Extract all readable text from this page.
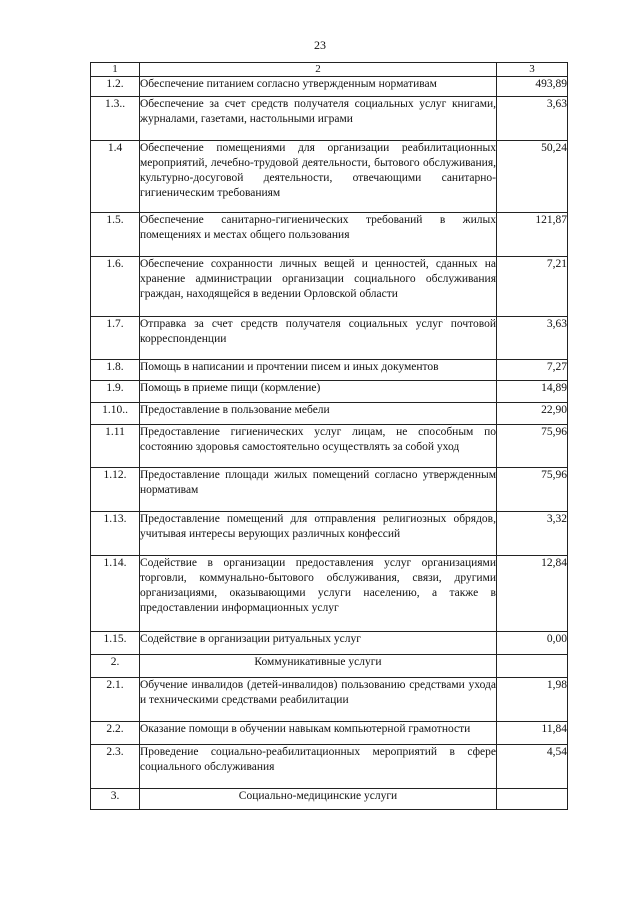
23
1	2	3
1.2.	Обеспечение питанием согласно утвержденным нормативам	493,89
1.3..	Обеспечение за счет средств получателя социальных услуг книгами, журналами, газетами, настольными играми	3,63
1.4	Обеспечение помещениями для организации реабилитационных мероприятий, лечебно-трудовой деятельности, бытового обслуживания, культурно-досуговой деятельности, отвечающими санитарно-гигиеническим требованиям	50,24
1.5.	Обеспечение санитарно-гигиенических требований в жилых помещениях и местах общего пользования	121,87
1.6.	Обеспечение сохранности личных вещей и ценностей, сданных на хранение администрации организации социального обслуживания граждан, находящейся в ведении Орловской области	7,21
1.7.	Отправка за счет средств получателя социальных услуг почтовой корреспонденции	3,63
1.8.	Помощь в написании и прочтении писем и иных документов	7,27
1.9.	Помощь в приеме пищи (кормление)	14,89
1.10..	Предоставление в пользование мебели	22,90
1.11	Предоставление гигиенических услуг лицам, не способным по состоянию здоровья самостоятельно осуществлять за собой уход	75,96
1.12.	Предоставление площади жилых помещений согласно утвержденным нормативам	75,96
1.13.	Предоставление помещений для отправления религиозных обрядов, учитывая интересы верующих различных конфессий	3,32
1.14.	Содействие в организации предоставления услуг организациями торговли, коммунально-бытового обслуживания, связи, другими организациями, оказывающими услуги населению, а также в предоставлении информационных услуг	12,84
1.15.	Содействие в организации ритуальных услуг	0,00
2.	Коммуникативные услуги	
2.1.	Обучение инвалидов (детей-инвалидов) пользованию средствами ухода и техническими средствами реабилитации	1,98
2.2.	Оказание помощи в обучении навыкам компьютерной грамотности	11,84
2.3.	Проведение социально-реабилитационных мероприятий в сфере социального обслуживания	4,54
3.	Социально-медицинские услуги	
